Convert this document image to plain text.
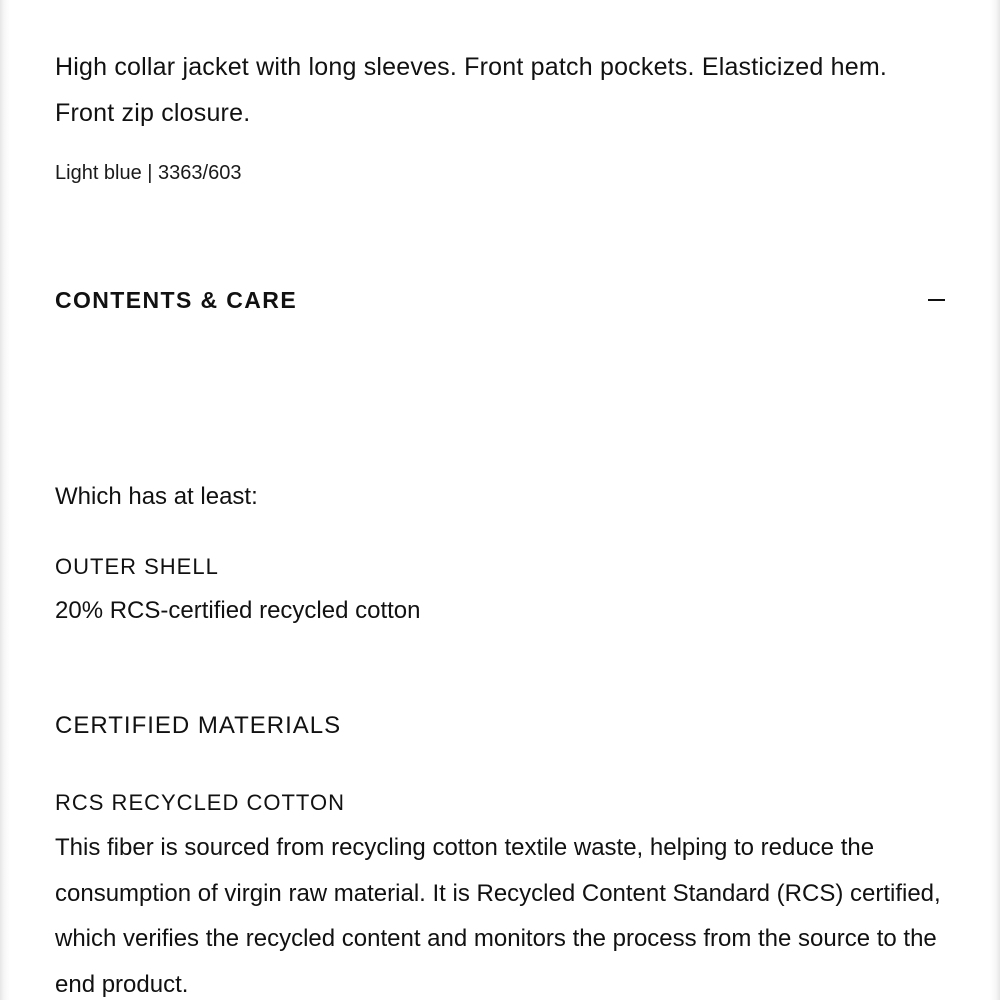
High collar jacket with long sleeves. Front patch pockets. Elasticized hem. Front zip closure.

Light blue | 3363/603

CONTENTS & CARE

Which has at least:

OUTER SHELL

20% RCS-certified recycled cotton

CERTIFIED MATERIALS

RCS RECYCLED COTTON

This fiber is sourced from recycling cotton textile waste, helping to reduce the consumption of virgin raw material. It is Recycled Content Standard (RCS) certified, which verifies the recycled content and monitors the process from the source to the end product.
